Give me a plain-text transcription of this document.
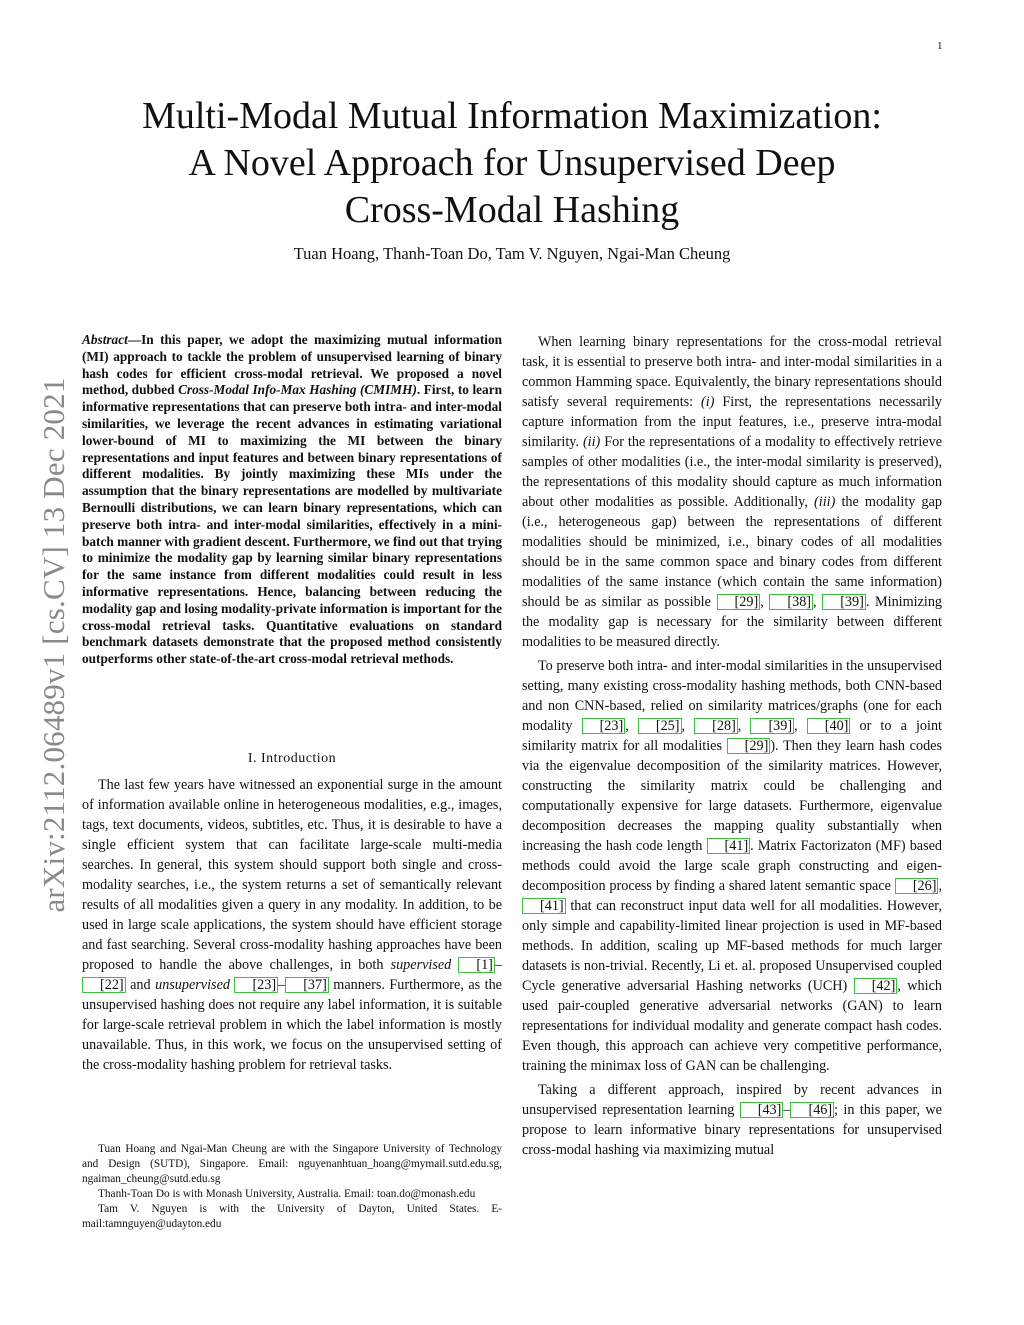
1
arXiv:2112.06489v1 [cs.CV] 13 Dec 2021
Multi-Modal Mutual Information Maximization:
A Novel Approach for Unsupervised Deep
Cross-Modal Hashing
Tuan Hoang, Thanh-Toan Do, Tam V. Nguyen, Ngai-Man Cheung
Abstract—In this paper, we adopt the maximizing mutual information (MI) approach to tackle the problem of unsupervised learning of binary hash codes for efficient cross-modal retrieval. We proposed a novel method, dubbed Cross-Modal Info-Max Hashing (CMIMH). First, to learn informative representations that can preserve both intra- and inter-modal similarities, we leverage the recent advances in estimating variational lower-bound of MI to maximizing the MI between the binary representations and input features and between binary representations of different modalities. By jointly maximizing these MIs under the assumption that the binary representations are modelled by multivariate Bernoulli distributions, we can learn binary representations, which can preserve both intra- and inter-modal similarities, effectively in a mini-batch manner with gradient descent. Furthermore, we find out that trying to minimize the modality gap by learning similar binary representations for the same instance from different modalities could result in less informative representations. Hence, balancing between reducing the modality gap and losing modality-private information is important for the cross-modal retrieval tasks. Quantitative evaluations on standard benchmark datasets demonstrate that the proposed method consistently outperforms other state-of-the-art cross-modal retrieval methods.
I. Introduction

The last few years have witnessed an exponential surge in the amount of information available online in heterogeneous modalities, e.g., images, tags, text documents, videos, subtitles, etc. Thus, it is desirable to have a single efficient system that can facilitate large-scale multi-media searches. In general, this system should support both single and cross-modality searches, i.e., the system returns a set of semantically relevant results of all modalities given a query in any modality. In addition, to be used in large scale applications, the system should have efficient storage and fast searching. Several cross-modality hashing approaches have been proposed to handle the above challenges, in both supervised [1] –[22] and unsupervised [23] – [37] manners. Furthermore, as the unsupervised hashing does not require any label information, it is suitable for large-scale retrieval problem in which the label information is mostly unavailable. Thus, in this work, we focus on the unsupervised setting of the cross-modality hashing problem for retrieval tasks.

Tuan Hoang and Ngai-Man Cheung are with the Singapore University of Technology and Design (SUTD), Singapore. Email: nguyenanhtuan_hoang@mymail.sutd.edu.sg, ngaiman_cheung@sutd.edu.sg

Thanh-Toan Do is with Monash University, Australia. Email: toan.do@monash.edu

Tam V. Nguyen is with the University of Dayton, United States. E-mail:tamnguyen@udayton.edu

When learning binary representations for the cross-modal retrieval task, it is essential to preserve both intra- and inter-modal similarities in a common Hamming space. Equivalently, the binary representations should satisfy several requirements: (i) First, the representations necessarily capture information from the input features, i.e., preserve intra-modal similarity. (ii) For the representations of a modality to effectively retrieve samples of other modalities (i.e., the inter-modal similarity is preserved), the representations of this modality should capture as much information about other modalities as possible. Additionally, (iii) the modality gap (i.e., heterogeneous gap) between the representations of different modalities should be minimized, i.e., binary codes of all modalities should be in the same common space and binary codes from different modalities of the same instance (which contain the same information) should be as similar as possible [29] , [38] , [39] . Minimizing the modality gap is necessary for the similarity between different modalities to be measured directly.

To preserve both intra- and inter-modal similarities in the unsupervised setting, many existing cross-modality hashing methods, both CNN-based and non CNN-based, relied on similarity matrices/graphs (one for each modality [23] , [25] , [28] , [39] , [40] or to a joint similarity matrix for all modalities [29] ). Then they learn hash codes via the eigenvalue decomposition of the similarity matrices. However, constructing the similarity matrix could be challenging and computationally expensive for large datasets. Furthermore, eigenvalue decomposition decreases the mapping quality substantially when increasing the hash code length [41] . Matrix Factorizaton (MF) based methods could avoid the large scale graph constructing and eigen-decomposition process by finding a shared latent semantic space [26] , [41] that can reconstruct input data well for all modalities. However, only simple and capability-limited linear projection is used in MF-based methods. In addition, scaling up MF-based methods for much larger datasets is non-trivial. Recently, Li et. al. proposed Unsupervised coupled Cycle generative adversarial Hashing networks (UCH) [42] , which used pair-coupled generative adversarial networks (GAN) to learn representations for individual modality and generate compact hash codes. Even though, this approach can achieve very competitive performance, training the minimax loss of GAN can be challenging.

Taking a different approach, inspired by recent advances in unsupervised representation learning [43] – [46] ; in this paper, we propose to learn informative binary representations for unsupervised cross-modal hashing via maximizing mutual
